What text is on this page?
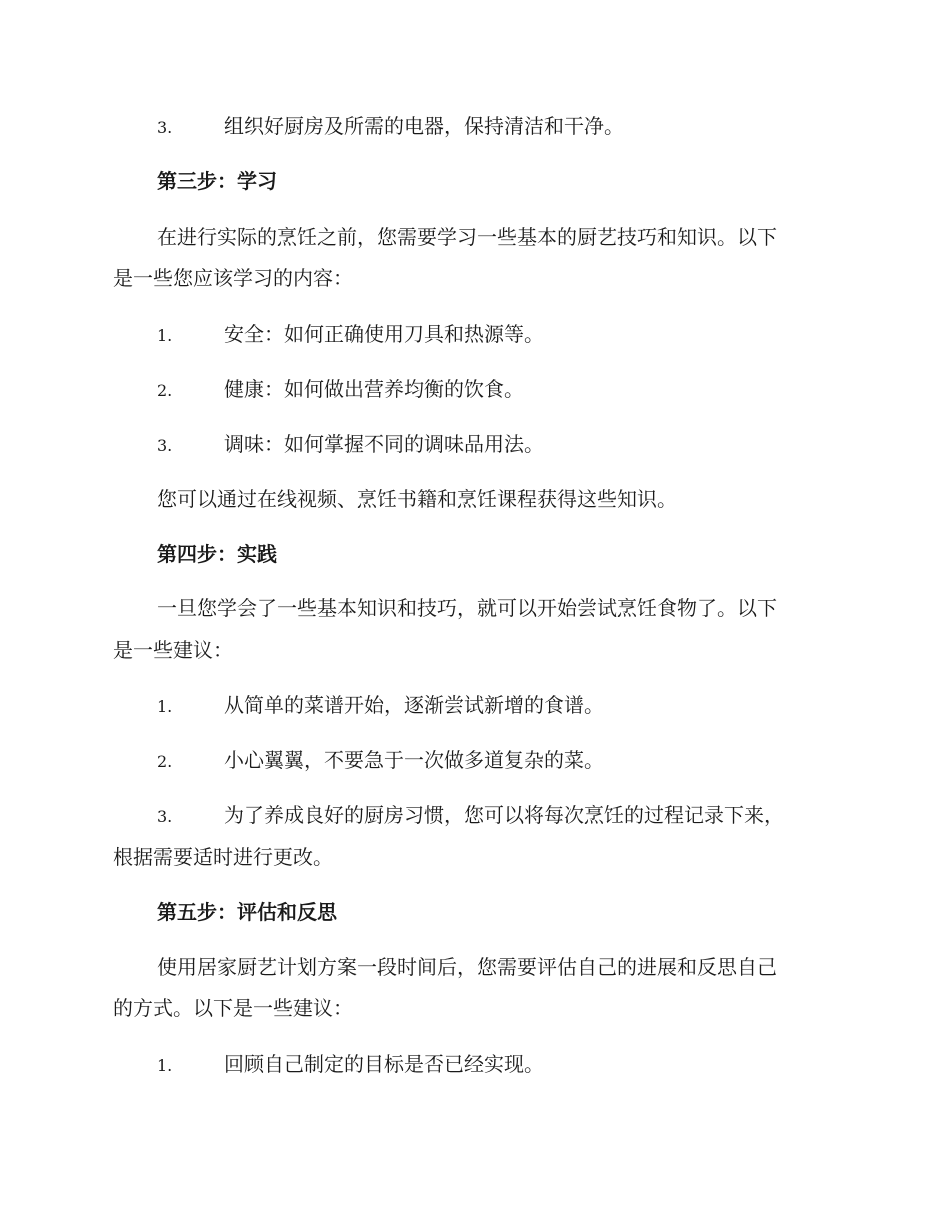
3.	组织好厨房及所需的电器，保持清洁和干净。
第三步：学习
在进行实际的烹饪之前，您需要学习一些基本的厨艺技巧和知识。以下
是一些您应该学习的内容：
1.	安全：如何正确使用刀具和热源等。
2.	健康：如何做出营养均衡的饮食。
3.	调味：如何掌握不同的调味品用法。
您可以通过在线视频、烹饪书籍和烹饪课程获得这些知识。
第四步：实践
一旦您学会了一些基本知识和技巧，就可以开始尝试烹饪食物了。以下
是一些建议：
1.	从简单的菜谱开始，逐渐尝试新增的食谱。
2.	小心翼翼，不要急于一次做多道复杂的菜。
3.	为了养成良好的厨房习惯，您可以将每次烹饪的过程记录下来，
根据需要适时进行更改。
第五步：评估和反思
使用居家厨艺计划方案一段时间后，您需要评估自己的进展和反思自己
的方式。以下是一些建议：
1.	回顾自己制定的目标是否已经实现。
